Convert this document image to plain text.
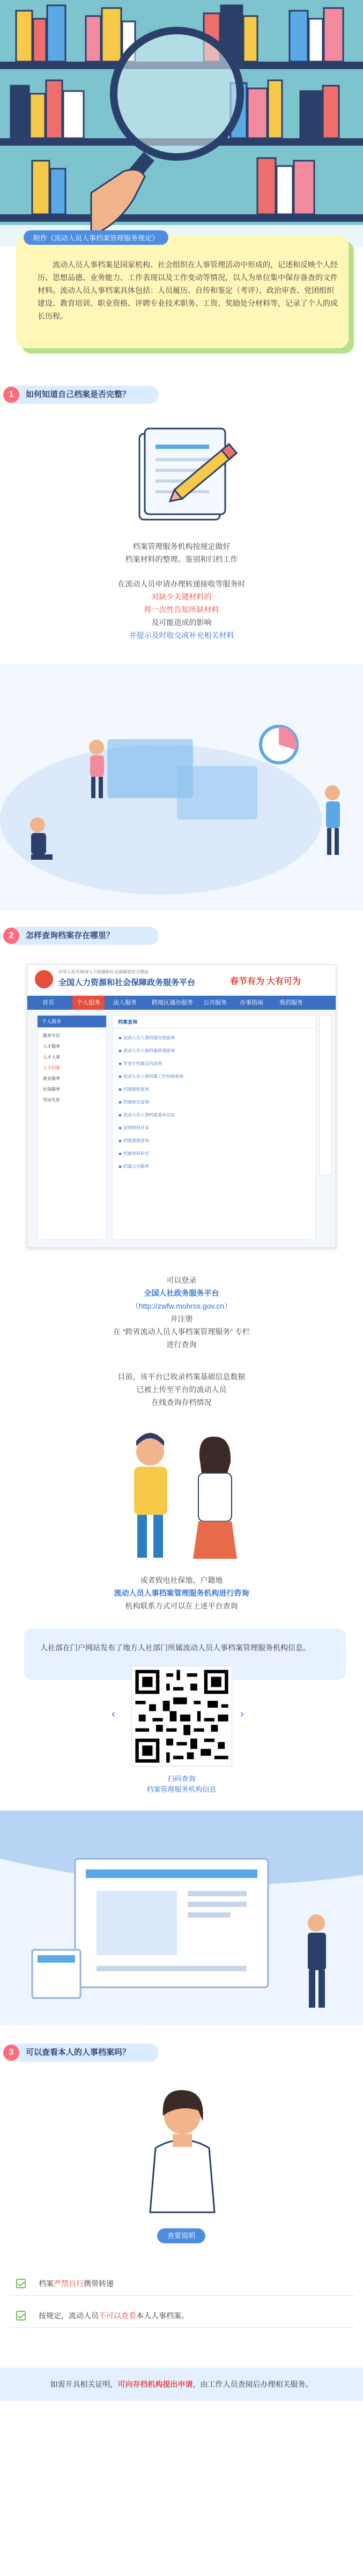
附件《流动人员人事档案管理服务规定》
流动人员人事档案是国家机构、社会组织在人事管理活动中形成的，记述和反映个人经历、思想品德、业务能力、工作表现以及工作变动等情况，以人为单位集中保存备查的文件材料。流动人员人事档案具体包括：人员履历、自传和鉴定（考评）、政治审查、党团组织建设、教育培训、职业资格、评聘专业技术职务、工资、奖励处分材料等，记录了个人的成长历程。
1	如何知道自己档案是否完整？
档案管理服务机构按规定做好
档案材料的整理、鉴别和归档工作
在流动人员申请办理转递接收等服务时
对缺少关键材料的
将一次性告知所缺材料
及可能造成的影响
并提示及时收交或补充相关材料
2	怎样查询档案存在哪里？
中华人民共和国人力资源和社会保障部官方网站
全国人力资源和社会保障政务服务平台	春节有为 大有可为
首页	个人服务	法人服务	跨地区通办服务 公共服务 办事指南	我的服务
个人服务
服务专区
人才服务
人才人事
人才档案
就业服务
社保服务
劳动关系
档案查询
流动人员人事档案存放查询
流动人员人事档案转递查询
毕业生档案去向查询
流动人员人事档案工作机构查询
档案接收查询
档案转出查询
流动人员人事档案基本信息
证明材料开具
档案借阅查询
档案材料补充
档案公共服务
可以登录
全国人社政务服务平台
（http://zwfw.mohrss.gov.cn）
并注册
在 “跨省流动人员人事档案管理服务” 专栏
进行查询
目前，该平台已收录档案基础信息数据
已被上传至平台的流动人员
在线查询存档情况
或者致电社保地、户籍地
流动人员人事档案管理服务机构进行咨询
机构联系方式可以在上述平台查询
人社部在门户网站发布了地方人社部门所属流动人员人事档案管理服务机构信息。
‹	›
扫码查询
档案管理服务机构信息
3	可以查看本人的人事档案吗？
查要说明
档案严禁自行携带转递
按规定，流动人员不可以查看本人人事档案。
如需开具相关证明，可向存档机构提出申请，由工作人员查阅后办理相关服务。
